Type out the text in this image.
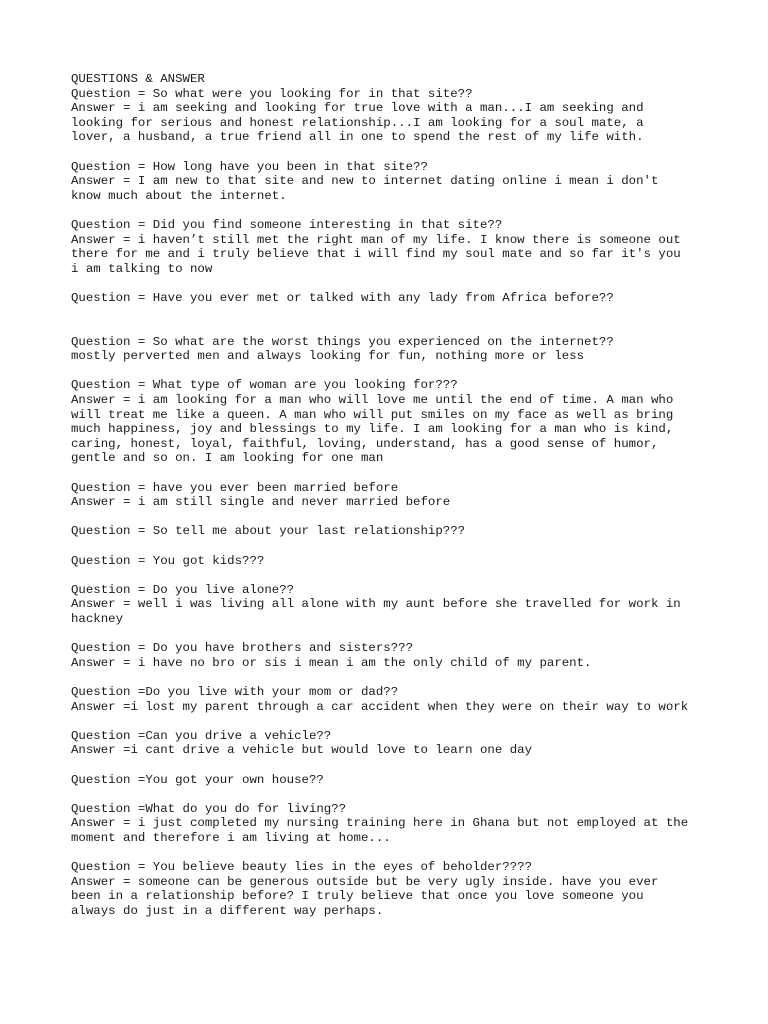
QUESTIONS & ANSWER
Question = So what were you looking for in that site??
Answer = i am seeking and looking for true love with a man...I am seeking and
looking for serious and honest relationship...I am looking for a soul mate, a
lover, a husband, a true friend all in one to spend the rest of my life with.
Question = How long have you been in that site??
Answer = I am new to that site and new to internet dating online i mean i don't
know much about the internet.
Question = Did you find someone interesting in that site??
Answer = i haven’t still met the right man of my life. I know there is someone out
there for me and i truly believe that i will find my soul mate and so far it's you
i am talking to now
Question = Have you ever met or talked with any lady from Africa before??
Question = So what are the worst things you experienced on the internet??
mostly perverted men and always looking for fun, nothing more or less
Question = What type of woman are you looking for???
Answer = i am looking for a man who will love me until the end of time. A man who
will treat me like a queen. A man who will put smiles on my face as well as bring
much happiness, joy and blessings to my life. I am looking for a man who is kind,
caring, honest, loyal, faithful, loving, understand, has a good sense of humor,
gentle and so on. I am looking for one man
Question = have you ever been married before
Answer = i am still single and never married before
Question = So tell me about your last relationship???
Question = You got kids???
Question = Do you live alone??
Answer = well i was living all alone with my aunt before she travelled for work in
hackney
Question = Do you have brothers and sisters???
Answer = i have no bro or sis i mean i am the only child of my parent.
Question =Do you live with your mom or dad??
Answer =i lost my parent through a car accident when they were on their way to work
Question =Can you drive a vehicle??
Answer =i cant drive a vehicle but would love to learn one day
Question =You got your own house??
Question =What do you do for living??
Answer = i just completed my nursing training here in Ghana but not employed at the
moment and therefore i am living at home...
Question = You believe beauty lies in the eyes of beholder????
Answer = someone can be generous outside but be very ugly inside. have you ever
been in a relationship before? I truly believe that once you love someone you
always do just in a different way perhaps.
